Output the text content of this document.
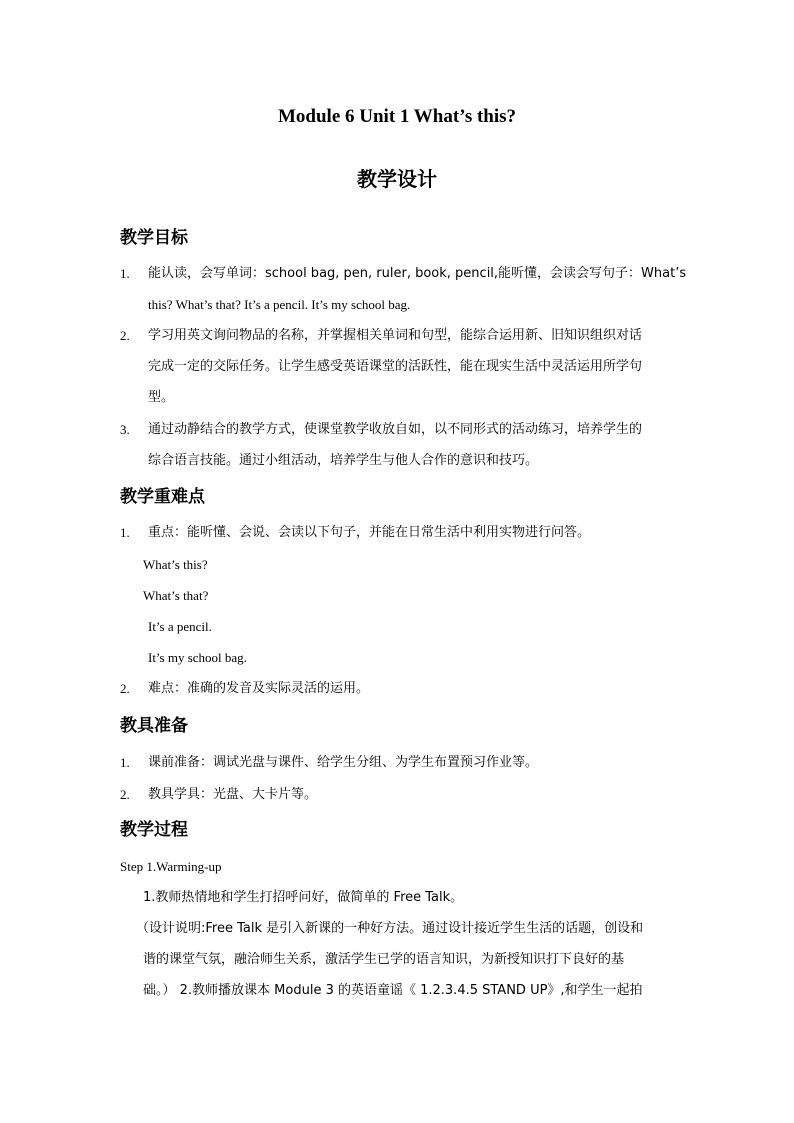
Module 6 Unit 1 What’s this?
教学设计
教学目标
1. 能认读，会写单词：school bag, pen, ruler, book, pencil,能听懂，会读会写句子：What’s
this? What’s that? It’s a pencil. It’s my school bag.
2. 学习用英文询问物品的名称，并掌握相关单词和句型，能综合运用新、旧知识组织对话
完成一定的交际任务。让学生感受英语课堂的活跃性，能在现实生活中灵活运用所学句
型。
3. 通过动静结合的教学方式，使课堂教学收放自如，以不同形式的活动练习，培养学生的
综合语言技能。通过小组活动，培养学生与他人合作的意识和技巧。
教学重难点
1. 重点：能听懂、会说、会读以下句子，并能在日常生活中利用实物进行问答。
What’s this?
What’s that?
It’s a pencil.
It’s my school bag.
2. 难点：准确的发音及实际灵活的运用。
教具准备
1. 课前准备：调试光盘与课件、给学生分组、为学生布置预习作业等。
2. 教具学具：光盘、大卡片等。
教学过程
Step 1.Warming-up
1.教师热情地和学生打招呼问好，做简单的 Free Talk。
（设计说明:Free Talk 是引入新课的一种好方法。通过设计接近学生生活的话题，创设和
谐的课堂气氛，融洽师生关系，激活学生已学的语言知识，为新授知识打下良好的基
础。） 2.教师播放课本 Module 3 的英语童谣《 1.2.3.4.5 STAND UP》,和学生一起拍
